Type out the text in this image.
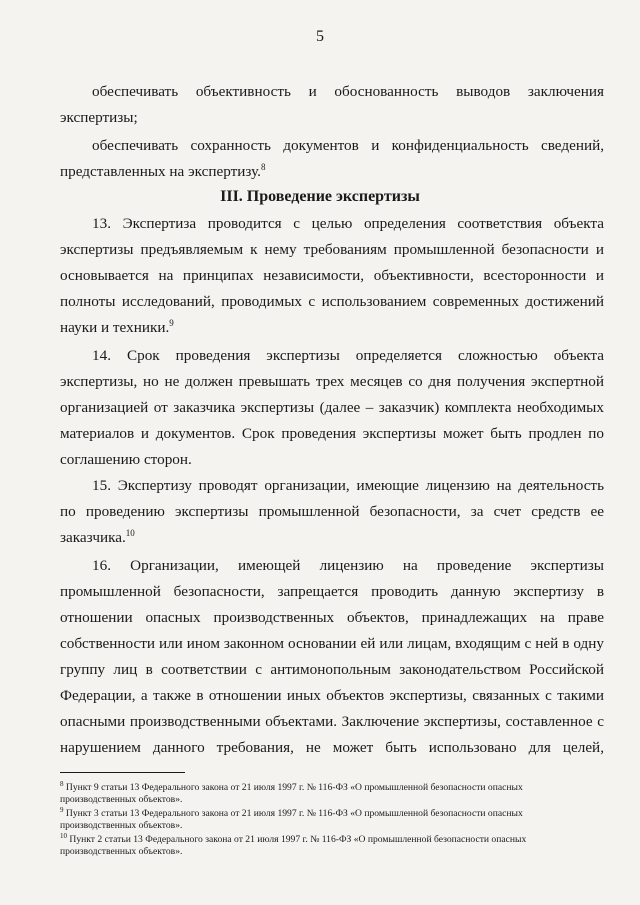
5
обеспечивать объективность и обоснованность выводов заключения
экспертизы;
обеспечивать сохранность документов и конфиденциальность сведений,
представленных на экспертизу.$^8$
III. Проведение экспертизы
13. Экспертиза проводится с целью определения соответствия объекта
экспертизы предъявляемым к нему требованиям промышленной безопасности и
основывается на принципах независимости, объективности, всесторонности и
полноты исследований, проводимых с использованием современных достижений
науки и техники.$^9$
14. Срок проведения экспертизы определяется сложностью объекта
экспертизы, но не должен превышать трех месяцев со дня получения экспертной
организацией от заказчика экспертизы (далее – заказчик) комплекта необходимых
материалов и документов. Срок проведения экспертизы может быть продлен по
соглашению сторон.
15. Экспертизу проводят организации, имеющие лицензию на деятельность
по проведению экспертизы промышленной безопасности, за счет средств ее
заказчика.$^{10}$
16. Организации, имеющей лицензию на проведение экспертизы
промышленной безопасности, запрещается проводить данную экспертизу в
отношении опасных производственных объектов, принадлежащих на праве
собственности или ином законном основании ей или лицам, входящим с ней в одну
группу лиц в соответствии с антимонопольным законодательством Российской
Федерации, а также в отношении иных объектов экспертизы, связанных с такими
опасными производственными объектами. Заключение экспертизы, составленное с
нарушением данного требования, не может быть использовано для целей,
$^8$ Пункт 9 статьи 13 Федерального закона от 21 июля 1997 г. № 116-ФЗ «О промышленной безопасности опасных
производственных объектов».
$^9$ Пункт 3 статьи 13 Федерального закона от 21 июля 1997 г. № 116-ФЗ «О промышленной безопасности опасных
производственных объектов».
$^{10}$ Пункт 2 статьи 13 Федерального закона от 21 июля 1997 г. № 116-ФЗ «О промышленной безопасности опасных
производственных объектов».
